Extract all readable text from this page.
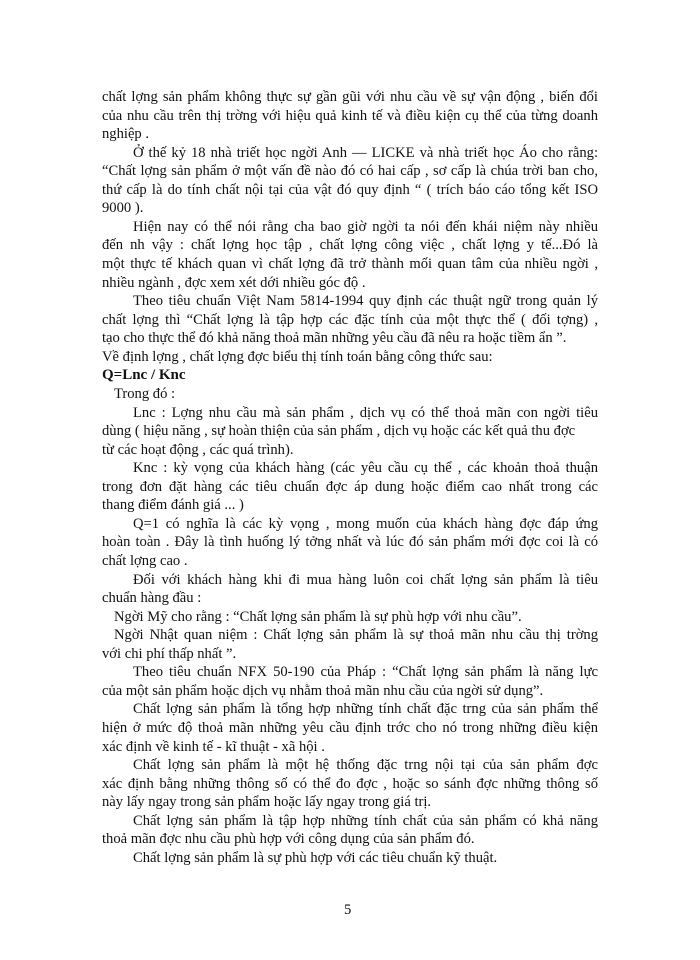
chất lợng sản phẩm không thực sự gần gũi với nhu cầu về sự vận động , biến đổi
của nhu cầu trên thị trờng với hiệu quả kinh tế và điều kiện cụ thể của từng doanh
nghiệp .
Ở thế kỷ 18 nhà triết học ngời Anh — LICKE và nhà triết học Áo cho rằng:
“Chất lợng sản phẩm ở một vấn đề nào đó có hai cấp , sơ cấp là chúa trời ban cho,
thứ cấp là do tính chất nội tại của vật đó quy định “ ( trích báo cáo tổng kết ISO
9000 ).
Hiện nay có thể nói rằng cha bao giờ ngời ta nói đến khái niệm này nhiều
đến nh vậy : chất lợng học tập , chất lợng công việc , chất lợng y tế...Đó là
một thực tế khách quan vì chất lợng đã trở thành mối quan tâm của nhiều ngời ,
nhiều ngành , đợc xem xét dới nhiều góc độ .
Theo tiêu chuẩn Việt Nam 5814-1994 quy định các thuật ngữ trong quản lý
chất lợng thì “Chất lợng là tập hợp các đặc tính của một thực thể ( đối tợng) ,
tạo cho thực thể đó khả năng thoả mãn những yêu cầu đã nêu ra hoặc tiềm ẩn ”.
Về định lợng , chất lợng đợc biểu thị tính toán bằng công thức sau:
Q=Lnc / Knc
Trong đó :
Lnc : Lợng nhu cầu mà sản phẩm , dịch vụ có thể thoả mãn con ngời tiêu
dùng ( hiệu năng , sự hoàn thiện của sản phẩm , dịch vụ hoặc các kết quả thu đợc
từ các hoạt động , các quá trình).
Knc : kỳ vọng của khách hàng (các yêu cầu cụ thể , các khoản thoả thuận
trong đơn đặt hàng các tiêu chuẩn đợc áp dung hoặc điểm cao nhất trong các
thang điểm đánh giá ... )
Q=1 có nghĩa là các kỳ vọng , mong muốn của khách hàng đợc đáp ứng
hoàn toàn . Đây là tình huống lý tởng nhất và lúc đó sản phẩm mới đợc coi là có
chất lợng cao .
Đối với khách hàng khi đi mua hàng luôn coi chất lợng sản phẩm là tiêu
chuẩn hàng đầu :
Ngời Mỹ cho rằng : “Chất lợng sản phẩm là sự phù hợp với nhu cầu”.
Ngời Nhật quan niệm : Chất lợng sản phẩm là sự thoả mãn nhu cầu thị trờng
với chi phí thấp nhất ”.
Theo tiêu chuẩn NFX 50-190 của Pháp : “Chất lợng sản phẩm là năng lực
của một sản phẩm hoặc dịch vụ nhằm thoả mãn nhu cầu của ngời sử dụng”.
Chất lợng sản phẩm là tổng hợp những tính chất đặc trng của sản phẩm thể
hiện ở mức độ thoả mãn những yêu cầu định trớc cho nó trong những điều kiện
xác định về kinh tế - kĩ thuật - xã hội .
Chất lợng sản phẩm là một hệ thống đặc trng nội tại của sản phẩm đợc
xác định bằng những thông số có thể đo đợc , hoặc so sánh đợc những thông số
này lấy ngay trong sản phẩm hoặc lấy ngay trong giá trị.
Chất lợng sản phẩm là tập hợp những tính chất của sản phẩm có khả năng
thoả mãn đợc nhu cầu phù hợp với công dụng của sản phẩm đó.
Chất lợng sản phẩm là sự phù hợp với các tiêu chuẩn kỹ thuật.
5
